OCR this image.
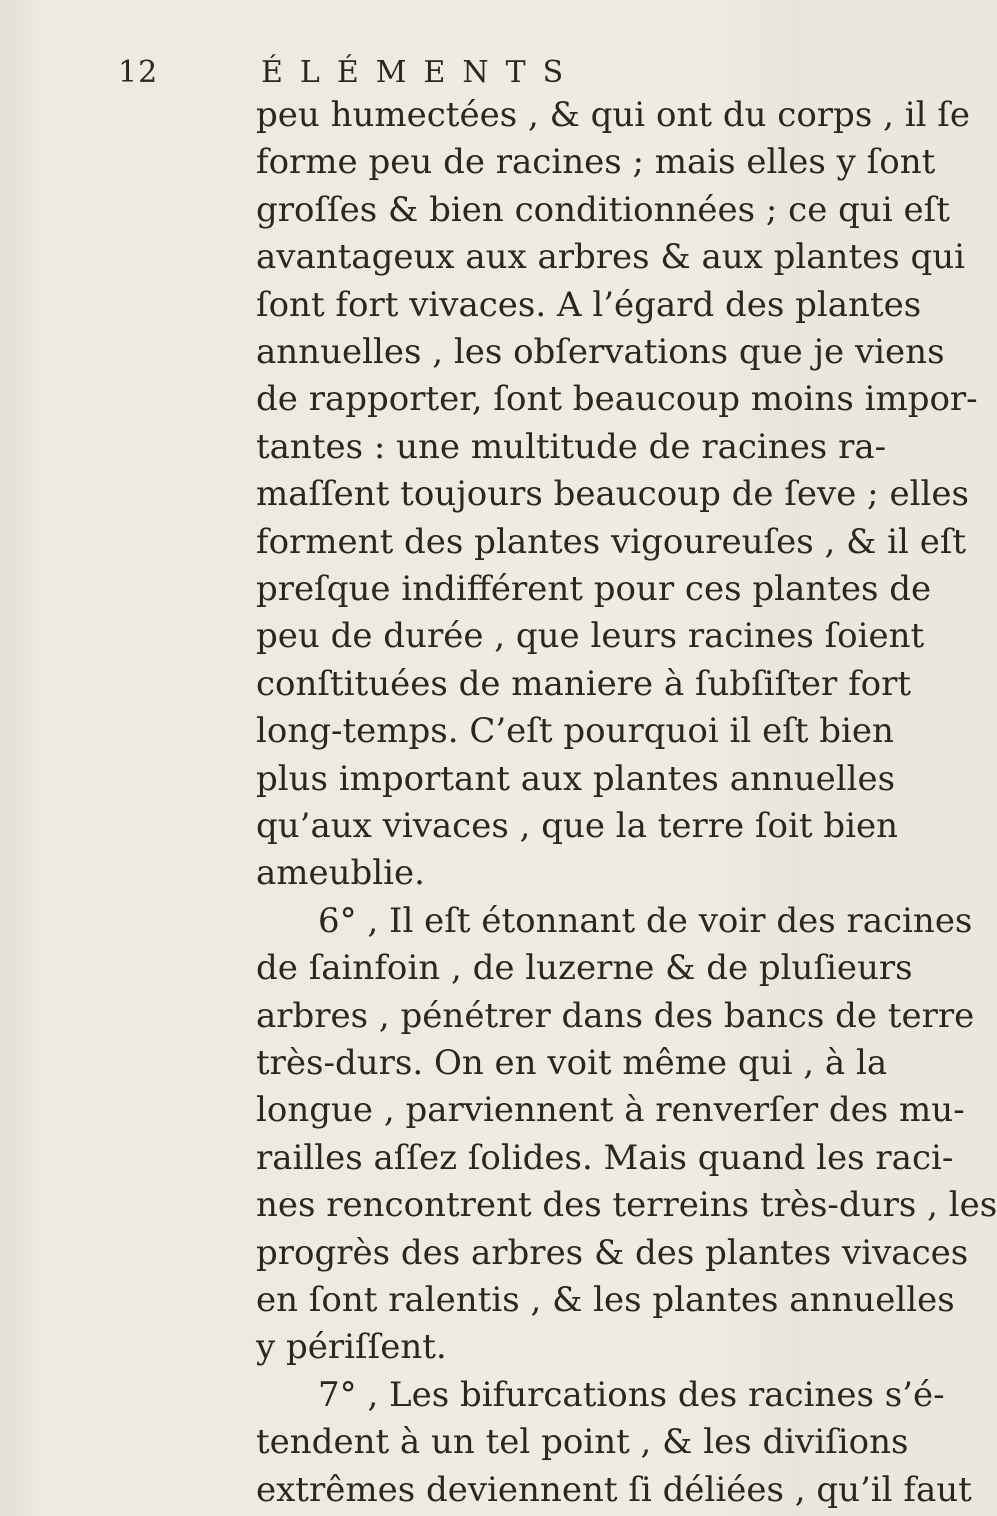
12	ÉLÉMENTS
peu humectées , & qui ont du corps , il ſe
forme peu de racines ; mais elles y ſont
groſſes & bien conditionnées ; ce qui eſt
avantageux aux arbres & aux plantes qui
ſont fort vivaces. A l’égard des plantes
annuelles , les obſervations que je viens
de rapporter, ſont beaucoup moins impor-
tantes : une multitude de racines ra-
maſſent toujours beaucoup de ſeve ; elles
forment des plantes vigoureuſes , & il eſt
preſque indifférent pour ces plantes de
peu de durée , que leurs racines ſoient
conſtituées de maniere à ſubſiſter fort
long-temps. C’eſt pourquoi il eſt bien
plus important aux plantes annuelles
qu’aux vivaces , que la terre ſoit bien
ameublie.
6° , Il eſt étonnant de voir des racines
de ſainfoin , de luzerne & de pluſieurs
arbres , pénétrer dans des bancs de terre
très-durs. On en voit même qui , à la
longue , parviennent à renverſer des mu-
railles aſſez ſolides. Mais quand les raci-
nes rencontrent des terreins très-durs , les
progrès des arbres & des plantes vivaces
en ſont ralentis , & les plantes annuelles
y périſſent.
7° , Les bifurcations des racines s’é-
tendent à un tel point , & les diviſions
extrêmes deviennent ſi déliées , qu’il faut
